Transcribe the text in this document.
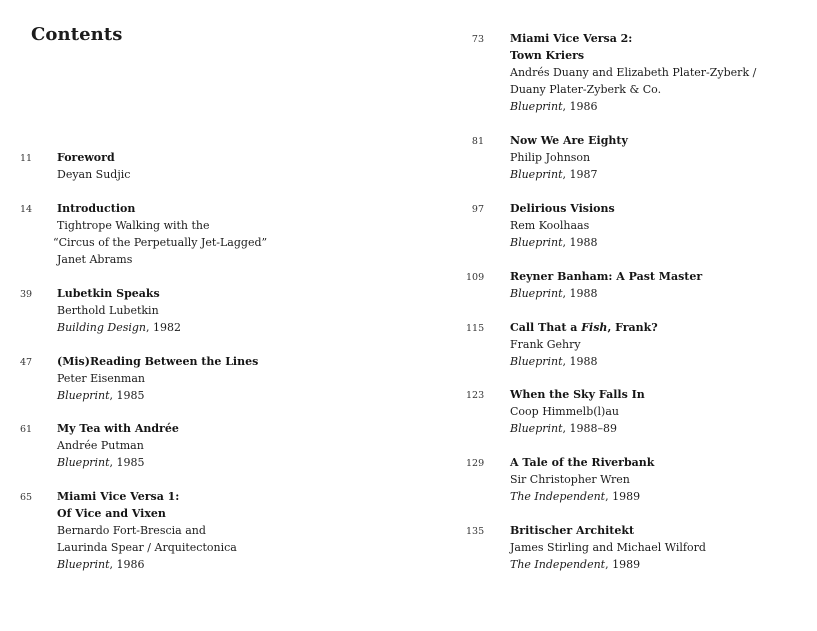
Contents
11 Foreword
Deyan Sudjic
14 Introduction
Tightrope Walking with the
“Circus of the Perpetually Jet-Lagged”
Janet Abrams
39 Lubetkin Speaks
Berthold Lubetkin
Building Design, 1982
47 (Mis)Reading Between the Lines
Peter Eisenman
Blueprint, 1985
61 My Tea with Andrée
Andrée Putman
Blueprint, 1985
65 Miami Vice Versa 1:
Of Vice and Vixen
Bernardo Fort-Brescia and
Laurinda Spear / Arquitectonica
Blueprint, 1986
73 Miami Vice Versa 2:
Town Kriers
Andrés Duany and Elizabeth Plater-Zyberk /
Duany Plater-Zyberk & Co.
Blueprint, 1986
81 Now We Are Eighty
Philip Johnson
Blueprint, 1987
97 Delirious Visions
Rem Koolhaas
Blueprint, 1988
109 Reyner Banham: A Past Master
Blueprint, 1988
115 Call That a Fish, Frank?
Frank Gehry
Blueprint, 1988
123 When the Sky Falls In
Coop Himmelb(l)au
Blueprint, 1988–89
129 A Tale of the Riverbank
Sir Christopher Wren
The Independent, 1989
135 Britischer Architekt
James Stirling and Michael Wilford
The Independent, 1989
